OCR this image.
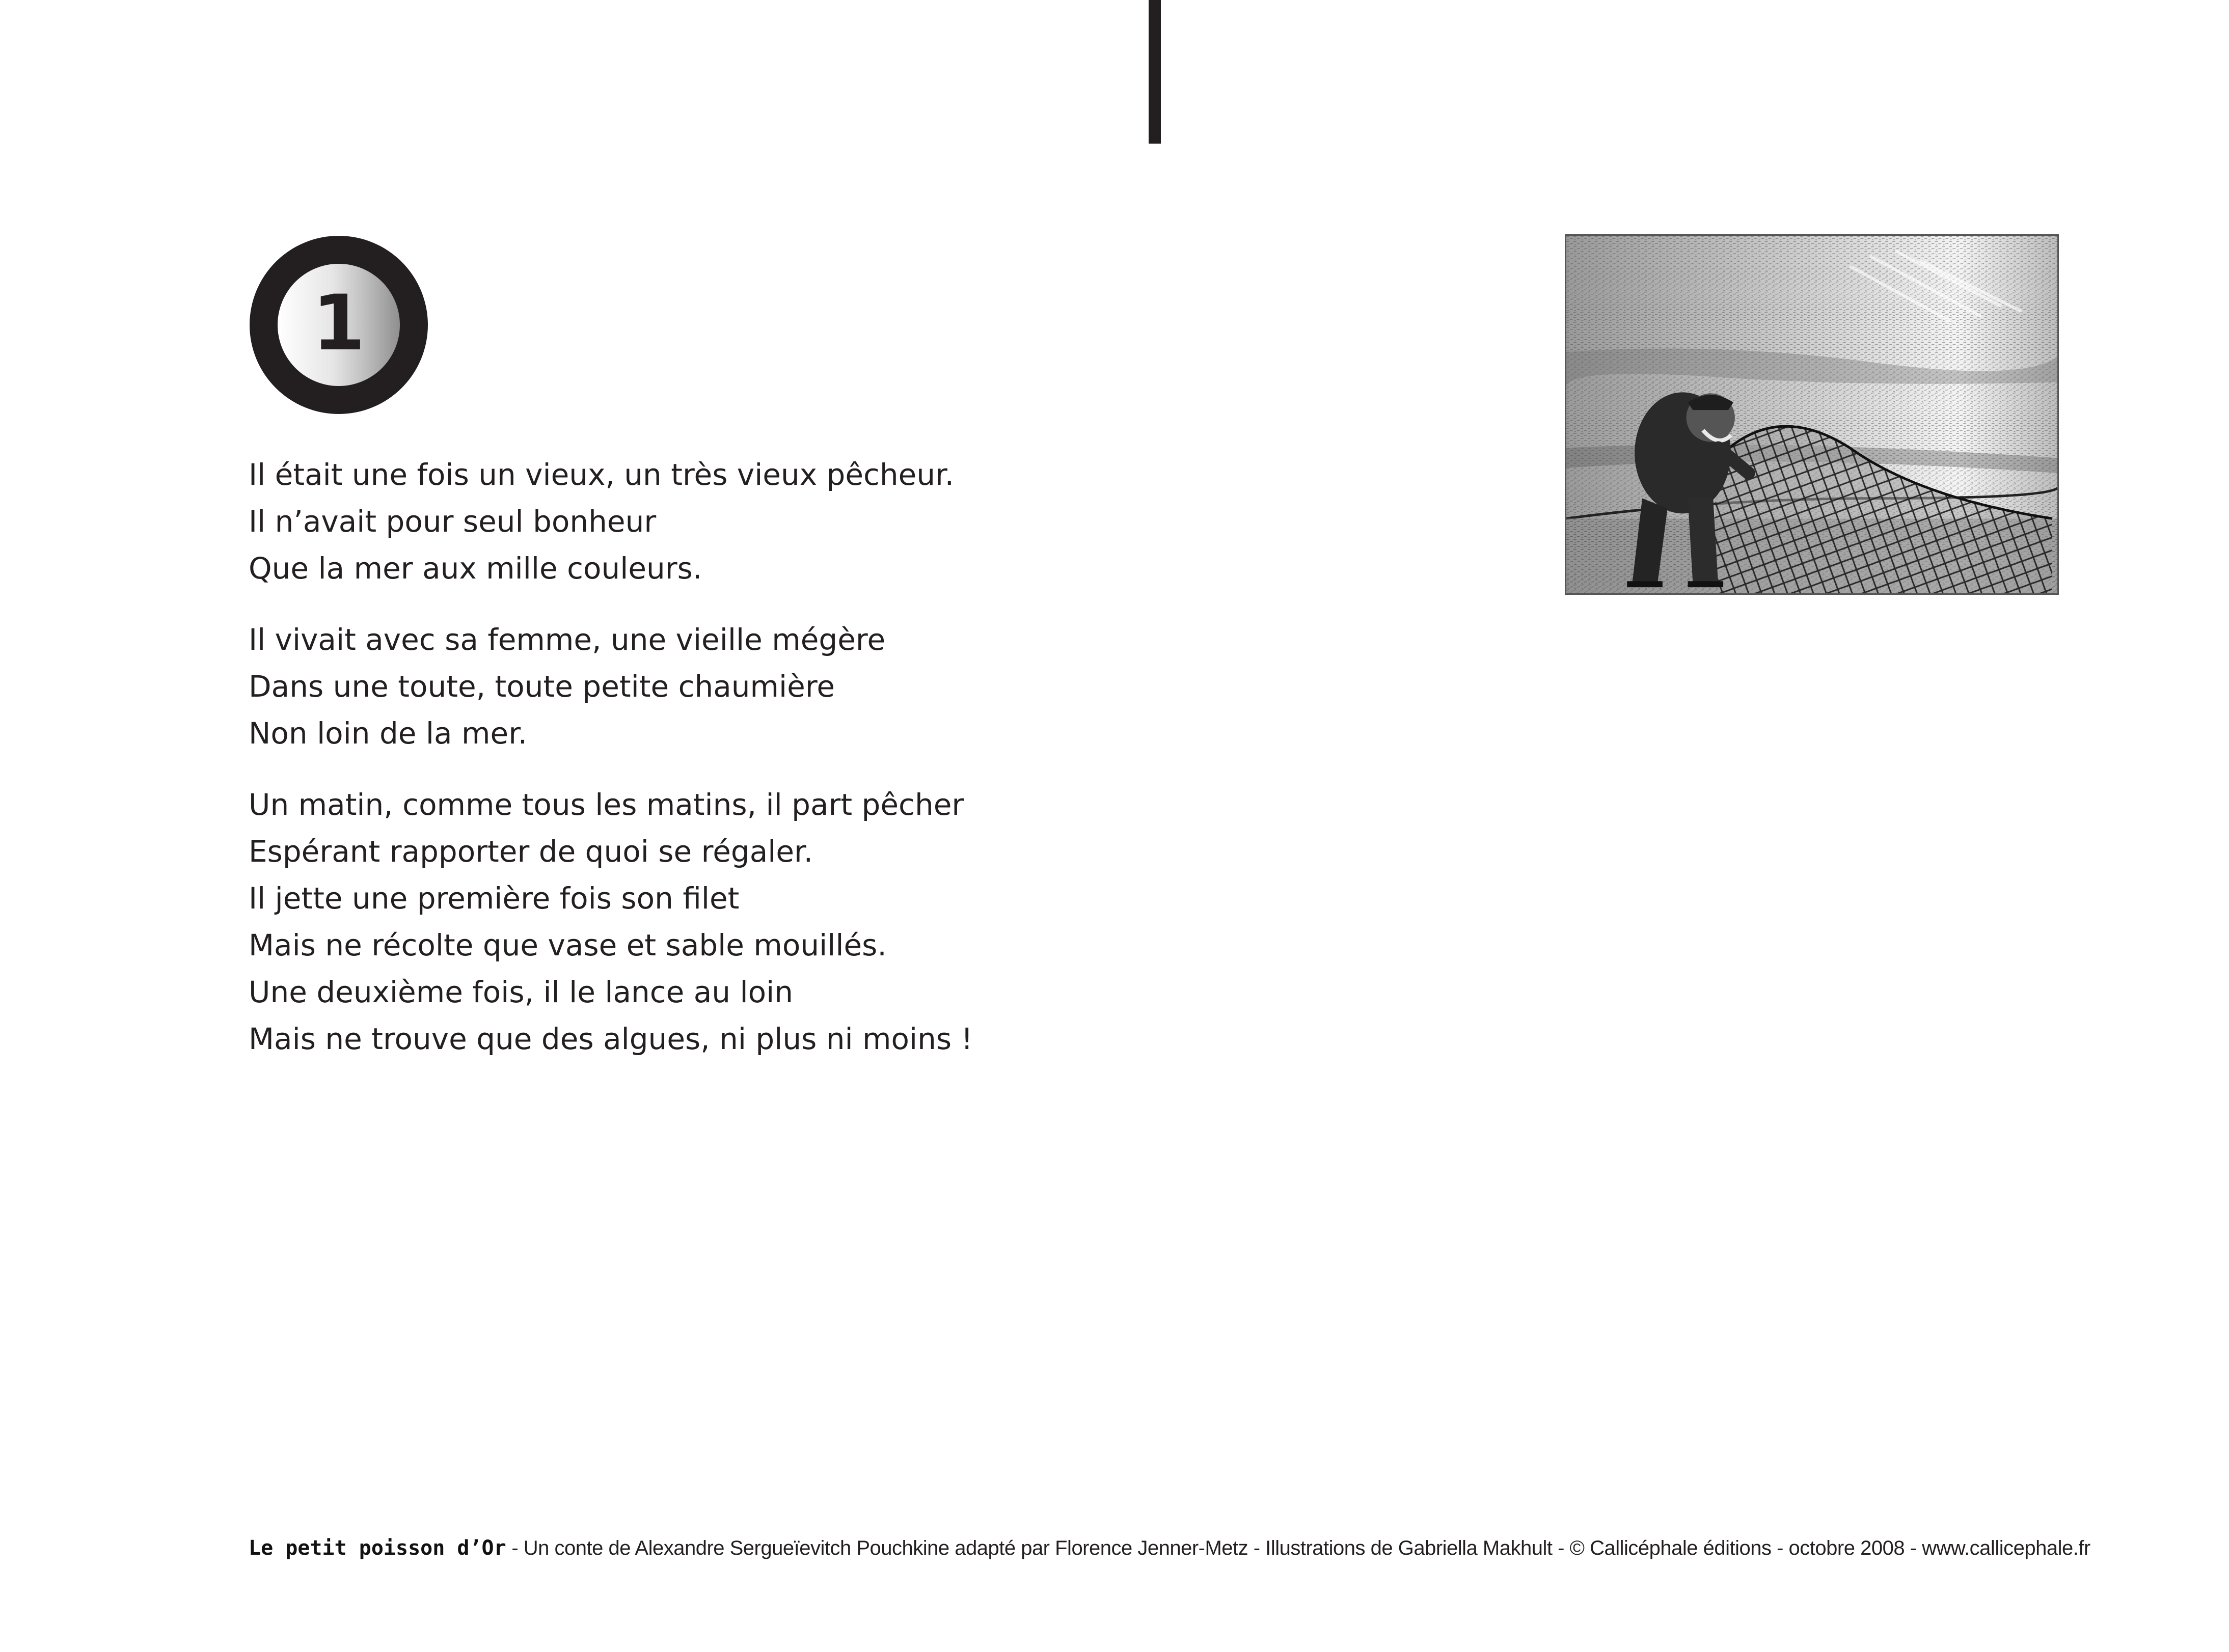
1
Il était une fois un vieux, un très vieux pêcheur.
Il n’avait pour seul bonheur
Que la mer aux mille couleurs.
Il vivait avec sa femme, une vieille mégère
Dans une toute, toute petite chaumière
Non loin de la mer.
Un matin, comme tous les matins, il part pêcher
Espérant rapporter de quoi se régaler.
Il jette une première fois son filet
Mais ne récolte que vase et sable mouillés.
Une deuxième fois, il le lance au loin
Mais ne trouve que des algues, ni plus ni moins !
Le petit poisson d’Or - Un conte de Alexandre Sergueïevitch Pouchkine adapté par Florence Jenner-Metz - Illustrations de Gabriella Makhult - © Callicéphale éditions - octobre 2008 - www.callicephale.fr
